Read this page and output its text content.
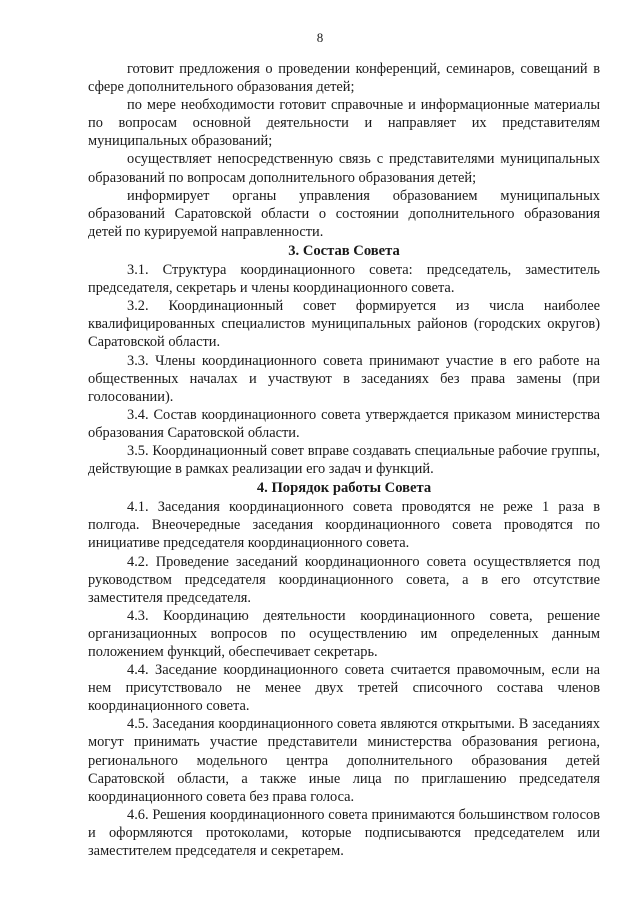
8

готовит предложения о проведении конференций, семинаров, совещаний в сфере дополнительного образования детей;

по мере необходимости готовит справочные и информационные материалы по вопросам основной деятельности и направляет их представителям муниципальных образований;

осуществляет непосредственную связь с представителями муниципальных образований по вопросам дополнительного образования детей;

информирует органы управления образованием муниципальных образований Саратовской области о состоянии дополнительного образования детей по курируемой направленности.

3. Состав Совета

3.1. Структура координационного совета: председатель, заместитель председателя, секретарь и члены координационного совета.

3.2. Координационный совет формируется из числа наиболее квалифицированных специалистов муниципальных районов (городских округов) Саратовской области.

3.3. Члены координационного совета принимают участие в его работе на общественных началах и участвуют в заседаниях без права замены (при голосовании).

3.4. Состав координационного совета утверждается приказом министерства образования Саратовской области.

3.5. Координационный совет вправе создавать специальные рабочие группы, действующие в рамках реализации его задач и функций.

4. Порядок работы Совета

4.1. Заседания координационного совета проводятся не реже 1 раза в полгода. Внеочередные заседания координационного совета проводятся по инициативе председателя координационного совета.

4.2. Проведение заседаний координационного совета осуществляется под руководством председателя координационного совета, а в его отсутствие заместителя председателя.

4.3. Координацию деятельности координационного совета, решение организационных вопросов по осуществлению им определенных данным положением функций, обеспечивает секретарь.

4.4. Заседание координационного совета считается правомочным, если на нем присутствовало не менее двух третей списочного состава членов координационного совета.

4.5. Заседания координационного совета являются открытыми. В заседаниях могут принимать участие представители министерства образования региона, регионального модельного центра дополнительного образования детей Саратовской области, а также иные лица по приглашению председателя координационного совета без права голоса.

4.6. Решения координационного совета принимаются большинством голосов и оформляются протоколами, которые подписываются председателем или заместителем председателя и секретарем.
